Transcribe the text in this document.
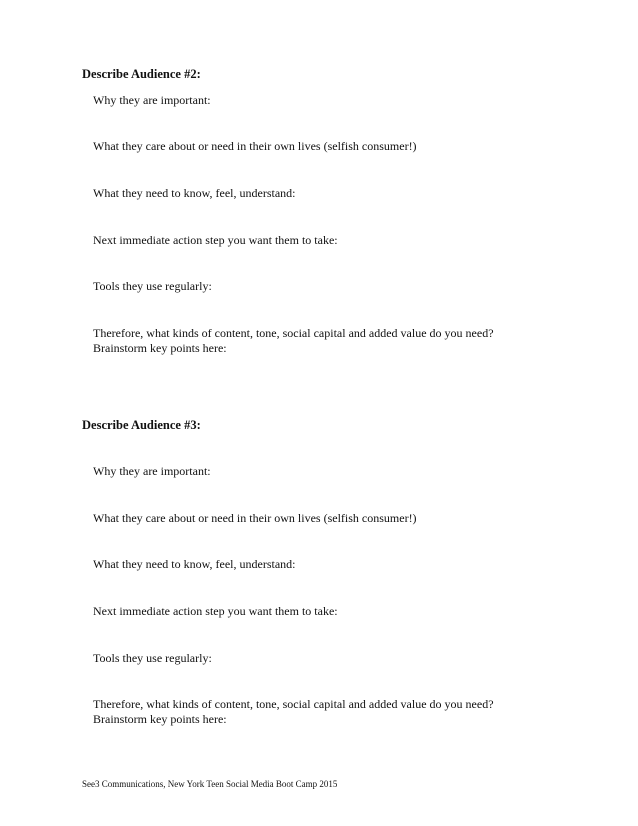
Describe Audience #2:
Why they are important:
What they care about or need in their own lives (selfish consumer!)
What they need to know, feel, understand:
Next immediate action step you want them to take:
Tools they use regularly:
Therefore, what kinds of content, tone, social capital and added value do you need?
Brainstorm key points here:
Describe Audience #3:
Why they are important:
What they care about or need in their own lives (selfish consumer!)
What they need to know, feel, understand:
Next immediate action step you want them to take:
Tools they use regularly:
Therefore, what kinds of content, tone, social capital and added value do you need?
Brainstorm key points here:
See3 Communications, New York Teen Social Media Boot Camp 2015
